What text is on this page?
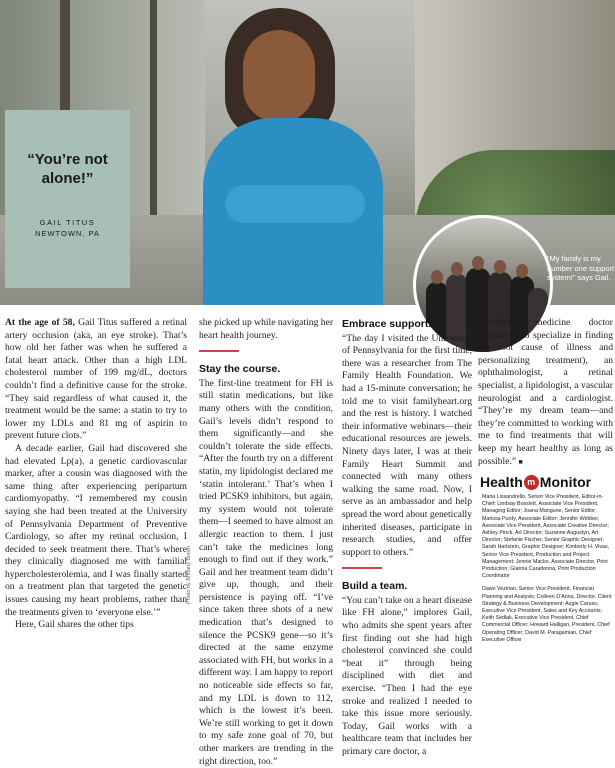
“You’re not alone!”
GAIL TITUS
NEWTOWN, PA
“My family is my number one support system!” says Gail.

At the age of 58, Gail Titus suffered a retinal artery occlusion (aka, an eye stroke). That’s how old her father was when he suffered a fatal heart attack. Other than a high LDL cholesterol number of 199 mg/dL, doctors couldn’t find a definitive cause for the stroke. “They said regardless of what caused it, the treatment would be the same: a statin to try to lower my LDLs and 81 mg of aspirin to prevent future clots.”

A decade earlier, Gail had discovered she had elevated Lp(a), a genetic cardiovascular marker, after a cousin was diagnosed with the same thing after experiencing peripartum cardiomyopathy. “I remembered my cousin saying she had been treated at the University of Pennsylvania Department of Preventive Cardiology, so after my retinal occlusion, I decided to seek treatment there. That’s where they clinically diagnosed me with familial hypercholesterolemia, and I was finally started on a treatment plan that targeted the genetic issues causing my heart problems, rather than the treatments given to ‘everyone else.’”

Here, Gail shares the other tips

Photo by Brittany Breen

she picked up while navigating her heart health journey.

Stay the course.

The first-line treatment for FH is still statin medications, but like many others with the condition, Gail’s levels didn’t respond to them significantly—and she couldn’t tolerate the side effects. “After the fourth try on a different statin, my lipidologist declared me ‘statin intolerant.’ That’s when I tried PCSK9 inhibitors, but again, my system would not tolerate them—I seemed to have almost an allergic reaction to them. I just can’t take the medicines long enough to find out if they work.” Gail and her treatment team didn’t give up, though, and their persistence is paying off. “I’ve since taken three shots of a new medication that’s designed to silence the PCSK9 gene—so it’s directed at the same enzyme associated with FH, but works in a different way. I am happy to report no noticeable side effects so far, and my LDL is down to 112, which is the lowest it’s been. We’re still working to get it down to my safe zone goal of 70, but other markers are trending in the right direction, too.”

Embrace support.

“The day I visited the University of Pennsylvania for the first time, there was a researcher from The Family Health Foundation. We had a 15-minute conversation; he told me to visit familyheart.org and the rest is history. I watched their informative webinars—their educational resources are jewels. Ninety days later, I was at their Family Heart Summit and connected with many others walking the same road. Now, I serve as an ambassador and help spread the word about genetically inherited diseases, participate in research studies, and offer support to others.”

Build a team.

“You can’t take on a heart disease like FH alone,” implores Gail, who admits she spent years after first finding out she had high cholesterol convinced she could “beat it” through being disciplined with diet and exercise. “Then I had the eye stroke and realized I needed to take this issue more seriously. Today, Gail works with a healthcare team that includes her primary care doctor, a

functional medicine doctor (doctors who specialize in finding the root cause of illness and personalizing treatment), an ophthalmologist, a retinal specialist, a lipidologist, a vascular neurologist and a cardiologist. “They’re my dream team—and they’re committed to working with me to find treatments that will keep my heart healthy as long as possible.” ■

Health m Monitor

Maria Lissandrello, Senior Vice President, Editor-in-Chief; Lindsay Bosslett, Associate Vice President, Managing Editor; Joana Mangune, Senior Editor; Marissa Purdy, Associate Editor; Jennifer Webber, Associate Vice President, Associate Creative Director; Ashley Pinck, Art Director; Suzanne Augustyn, Art Director; Stefanie Fischer, Senior Graphic Designer; Sarah Hartstein, Graphic Designer; Kimberly H. Vivas, Senior Vice President, Production and Project Management; Jennie Macko, Associate Director, Print Production; Gianna Caradonna, Print Production Coordinator

Dawn Vezirian, Senior Vice President, Financial Planning and Analysis; Colleen D’Anna, Director, Client Strategy & Business Development; Augie Caruso, Executive Vice President, Sales and Key Accounts; Keith Sedlak, Executive Vice President, Chief Commercial Officer; Howard Halligan, President, Chief Operating Officer; David M. Paragamian, Chief Executive Officer
